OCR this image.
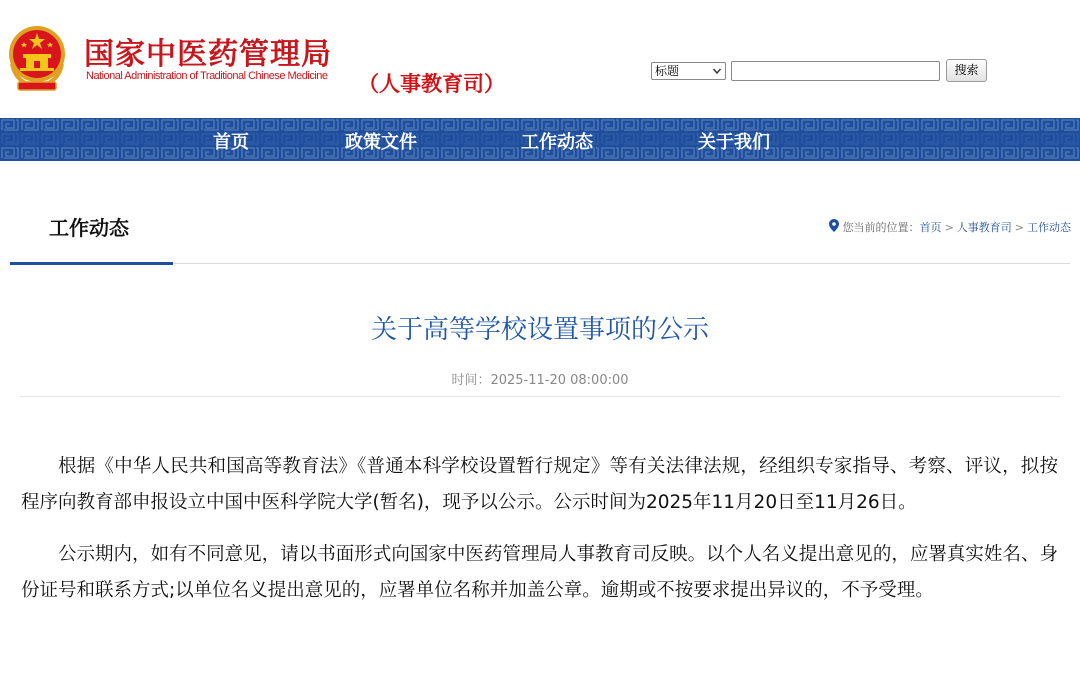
国家中医药管理局
National Administration of Traditional Chinese Medicine （人事教育司）
标题	搜索
首页	政策文件	工作动态	关于我们
工作动态	您当前的位置：首页 > 人事教育司 > 工作动态
关于高等学校设置事项的公示
时间：2025-11-20 08:00:00

根据《中华人民共和国高等教育法》《普通本科学校设置暂行规定》等有关法律法规，经组织专家指导、考察、评议，拟按程序向教育部申报设立中国中医科学院大学(暂名)，现予以公示。公示时间为2025年11月20日至11月26日。

公示期内，如有不同意见，请以书面形式向国家中医药管理局人事教育司反映。以个人名义提出意见的，应署真实姓名、身份证号和联系方式;以单位名义提出意见的，应署单位名称并加盖公章。逾期或不按要求提出异议的，不予受理。
